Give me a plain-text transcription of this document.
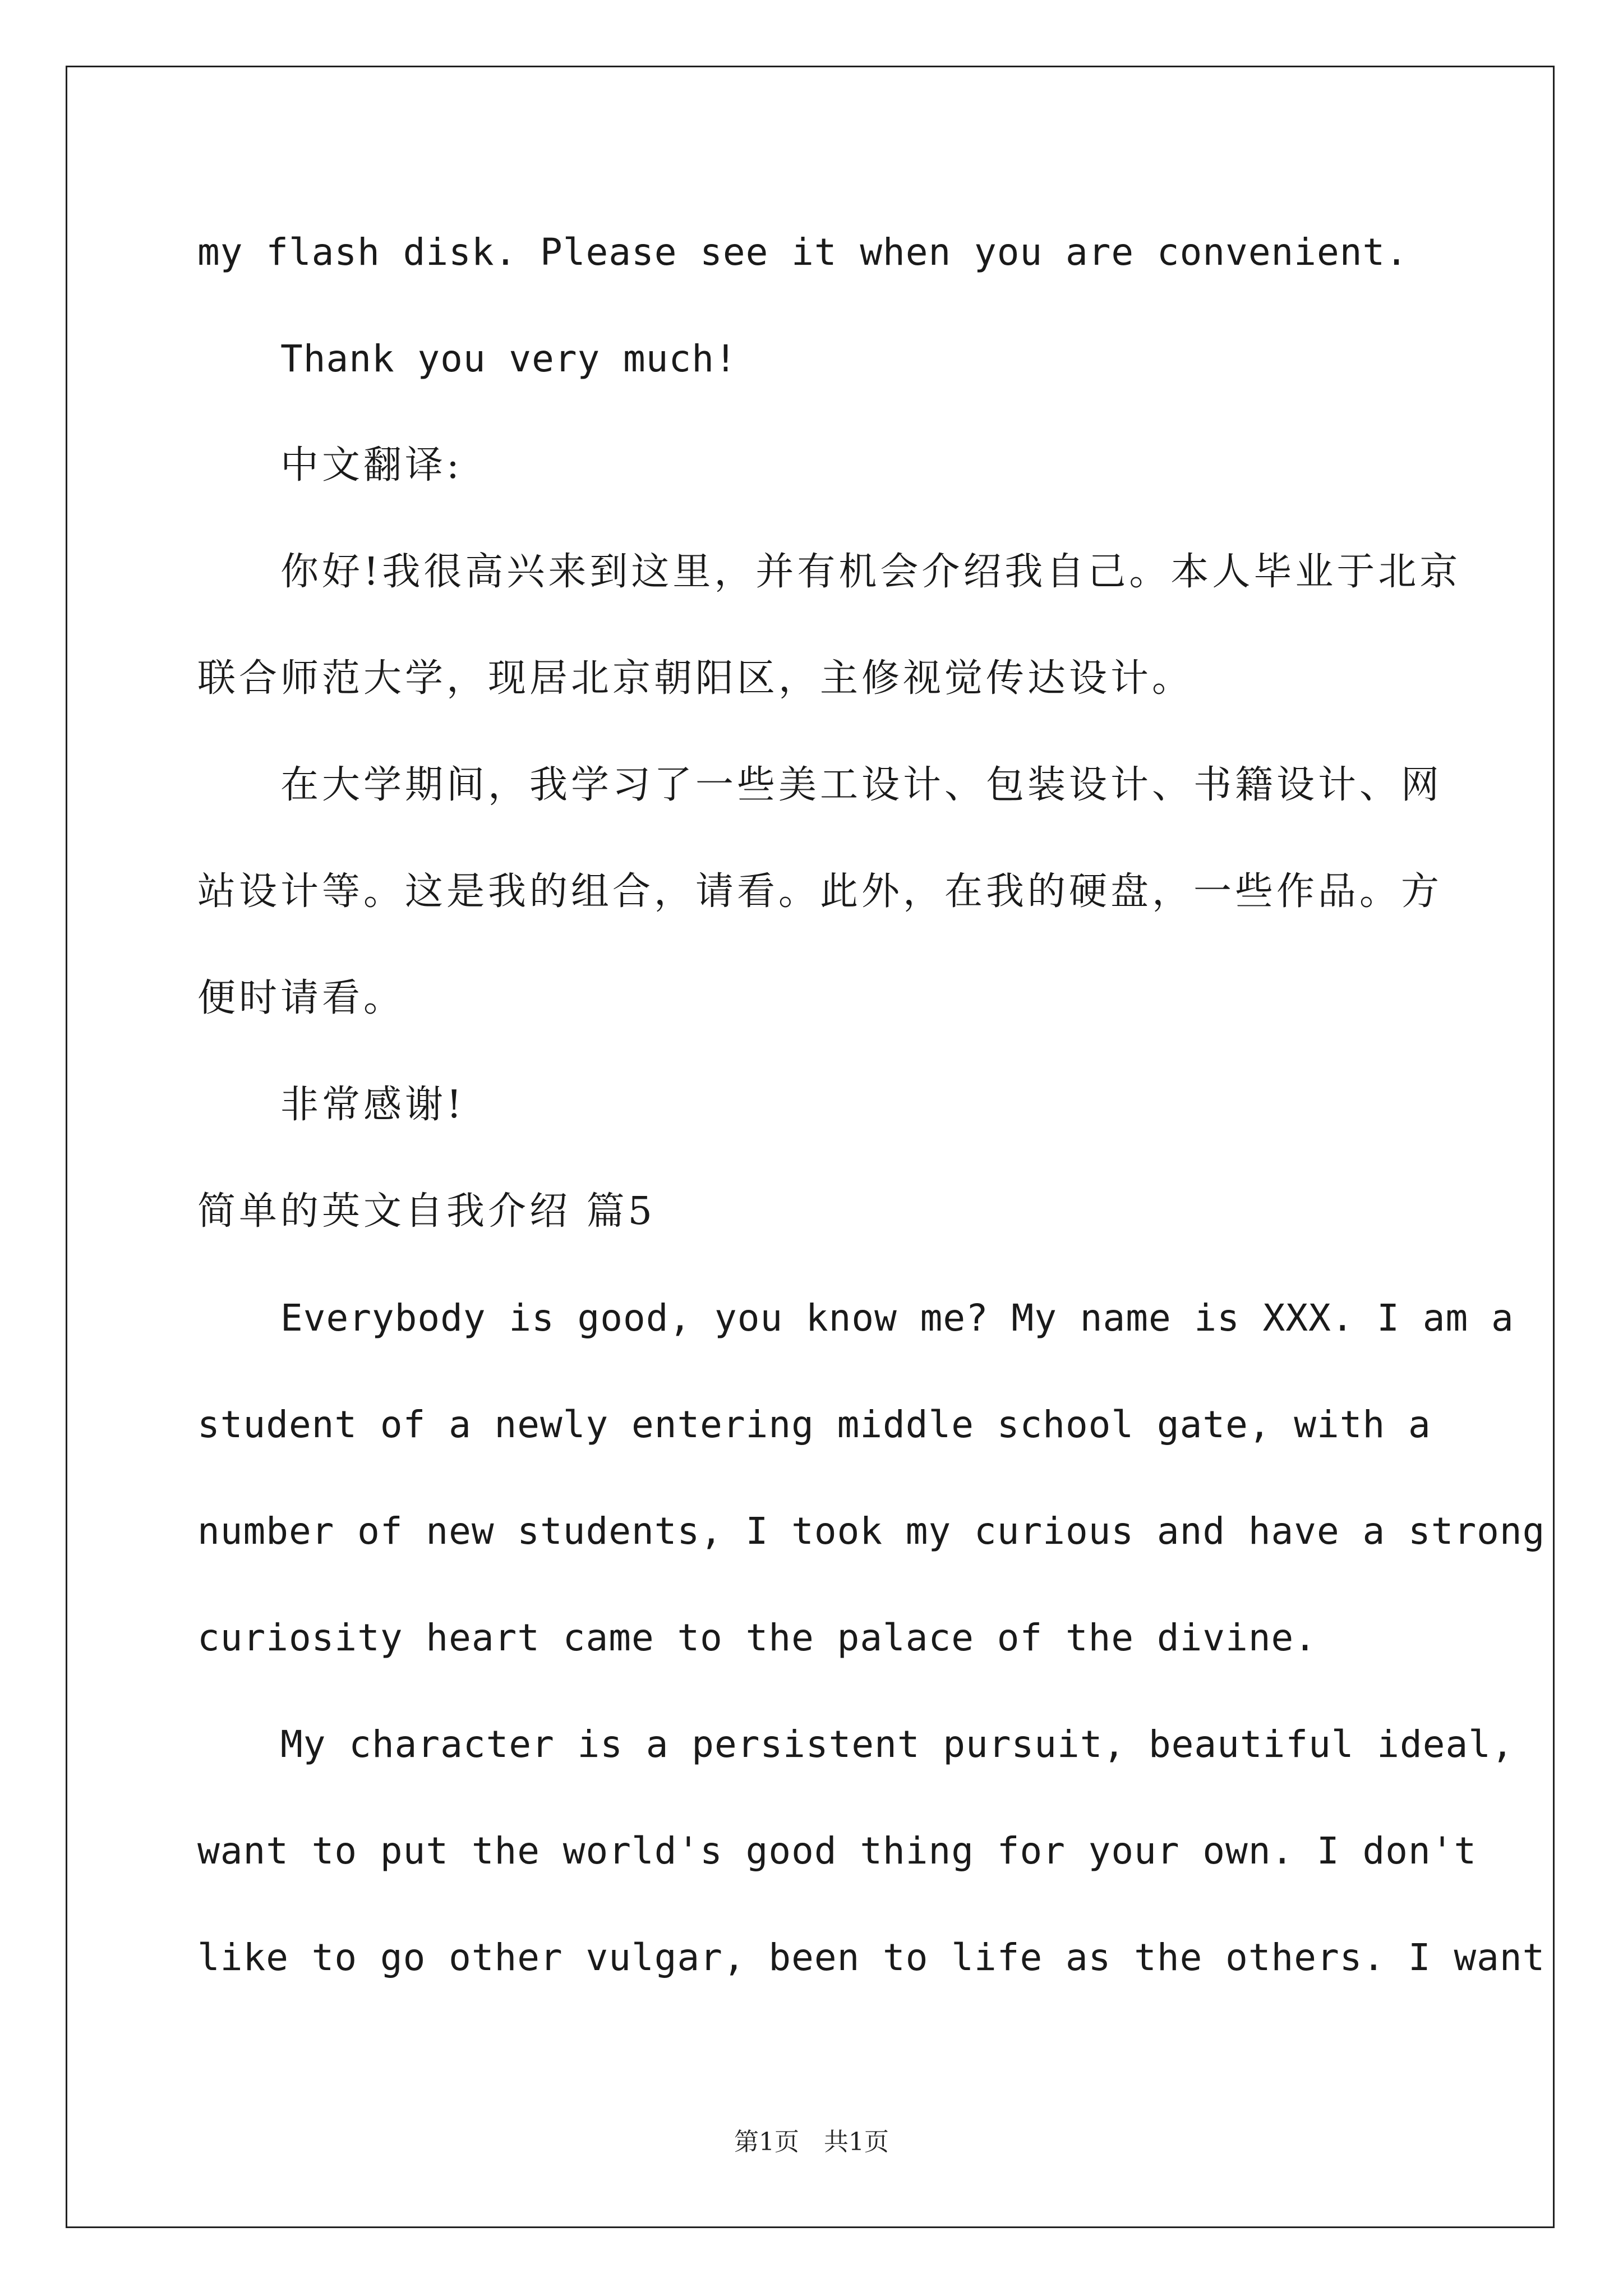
my flash disk. Please see it when you are convenient.
Thank you very much!
中文翻译:
你好!我很高兴来到这里，并有机会介绍我自己。本人毕业于北京
联合师范大学，现居北京朝阳区，主修视觉传达设计。
在大学期间，我学习了一些美工设计、包装设计、书籍设计、网
站设计等。这是我的组合，请看。此外，在我的硬盘，一些作品。方
便时请看。
非常感谢!
简单的英文自我介绍 篇5
Everybody is good, you know me? My name is XXX. I am a
student of a newly entering middle school gate, with a
number of new students, I took my curious and have a strong
curiosity heart came to the palace of the divine.
My character is a persistent pursuit, beautiful ideal,
want to put the world's good thing for your own. I don't
like to go other vulgar, been to life as the others. I want
第1页　共1页
